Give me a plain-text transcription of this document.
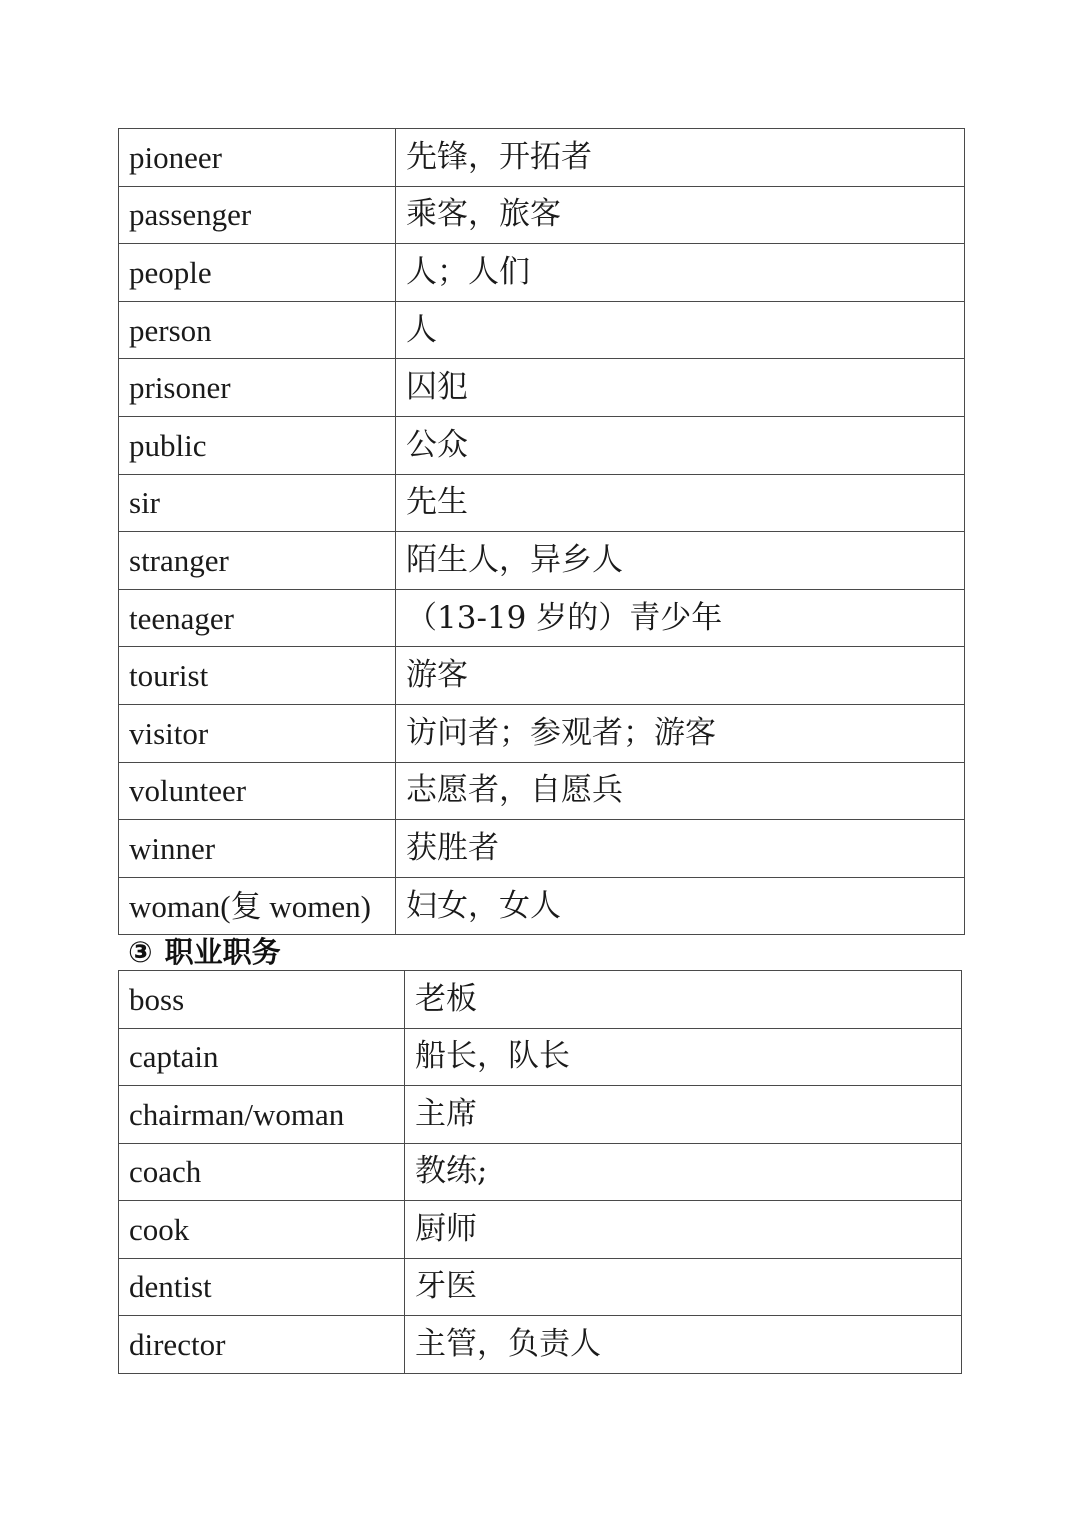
pioneer	先锋，开拓者
passenger	乘客，旅客
people	人；人们
person	人
prisoner	囚犯
public	公众
sir	先生
stranger	陌生人，异乡人
teenager	（13-19 岁的）青少年
tourist	游客
visitor	访问者；参观者；游客
volunteer	志愿者，自愿兵
winner	获胜者
woman(复 women)	妇女，女人
③ 职业职务
boss	老板
captain	船长，队长
chairman/woman	主席
coach	教练;
cook	厨师
dentist	牙医
director	主管，负责人
